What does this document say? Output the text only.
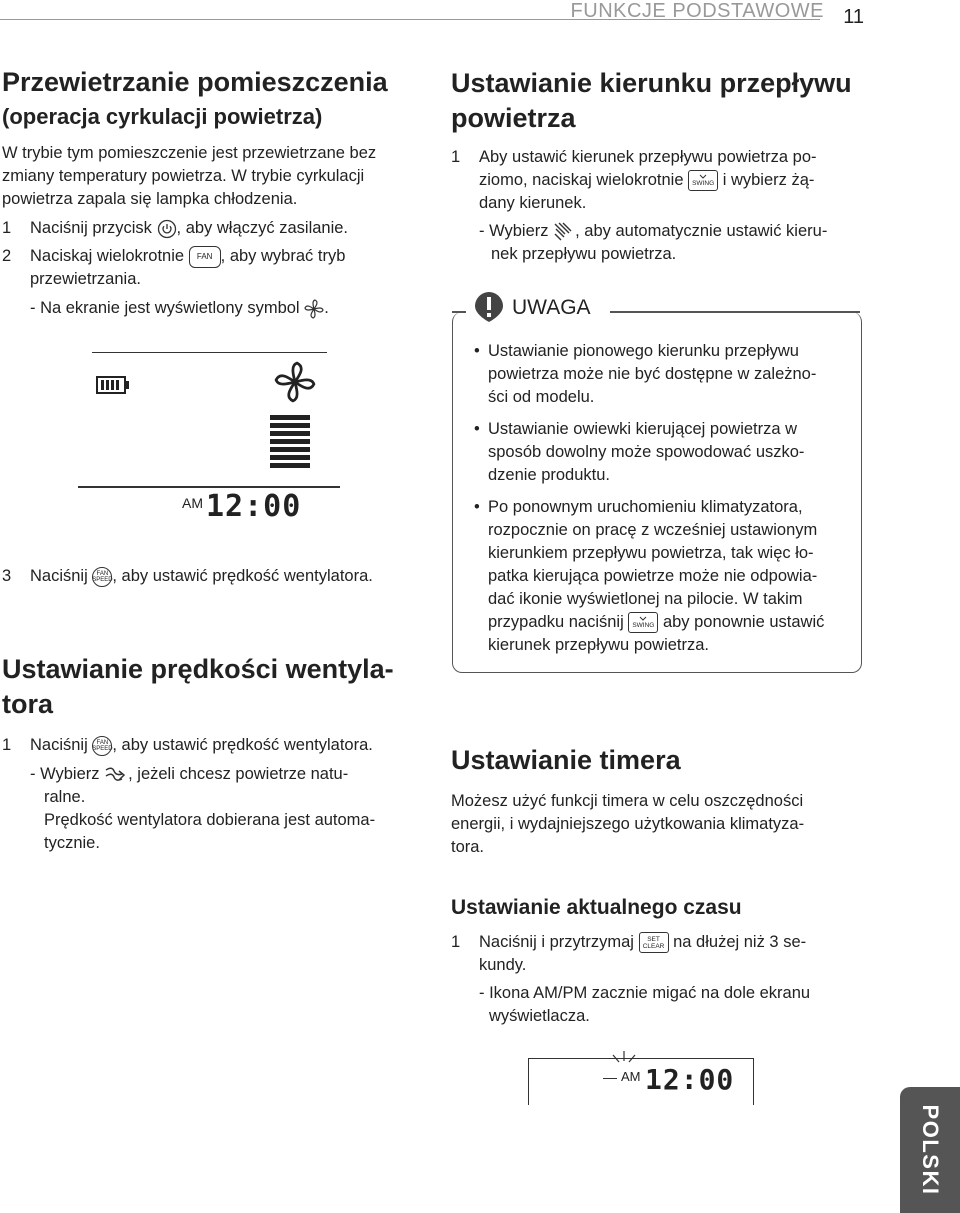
FUNKCJE PODSTAWOWE 11
Przewietrzanie pomieszczenia
(operacja cyrkulacji powietrza)

W trybie tym pomieszczenie jest przewietrzane bez

zmiany temperatury powietrza. W trybie cyrkulacji

powietrza zapala się lampka chłodzenia.

1	Naciśnij przycisk , aby włączyć zasilanie.
2	Naciskaj wielokrotnie FAN , aby wybrać tryb
przewietrzania.
- Na ekranie jest wyświetlony symbol .
AM 12:00
3	Naciśnij FAN
SPEED , aby ustawić prędkość wentylatora.
Ustawianie prędkości wentyla-
tora
1	Naciśnij FAN
SPEED , aby ustawić prędkość wentylatora.
- Wybierz , jeżeli chcesz powietrze natu-
ralne.
Prędkość wentylatora dobierana jest automa-
tycznie.
Ustawianie kierunku przepływu
powietrza
1	Aby ustawić kierunek przepływu powietrza po-
ziomo, naciskaj wielokrotnie SWING i wybierz żą-
dany kierunek.
- Wybierz , aby automatycznie ustawić kieru-
nek przepływu powietrza.
UWAGA
• Ustawianie pionowego kierunku przepływu
powietrza może nie być dostępne w zależno-
ści od modelu.
• Ustawianie owiewki kierującej powietrza w
sposób dowolny może spowodować uszko-
dzenie produktu.
• Po ponownym uruchomieniu klimatyzatora,
rozpocznie on pracę z wcześniej ustawionym
kierunkiem przepływu powietrza, tak więc ło-
patka kierująca powietrze może nie odpowia-
dać ikonie wyświetlonej na pilocie. W takim
przypadku naciśnij SWING aby ponownie ustawić
kierunek przepływu powietrza.
Ustawianie timera

Możesz użyć funkcji timera w celu oszczędności

energii, i wydajniejszego użytkowania klimatyza-

tora.

Ustawianie aktualnego czasu
1	Naciśnij i przytrzymaj SET
CLEAR na dłużej niż 3 se-
kundy.
- Ikona AM/PM zacznie migać na dole ekranu
wyświetlacza.
AM 12:00
POLSKI
